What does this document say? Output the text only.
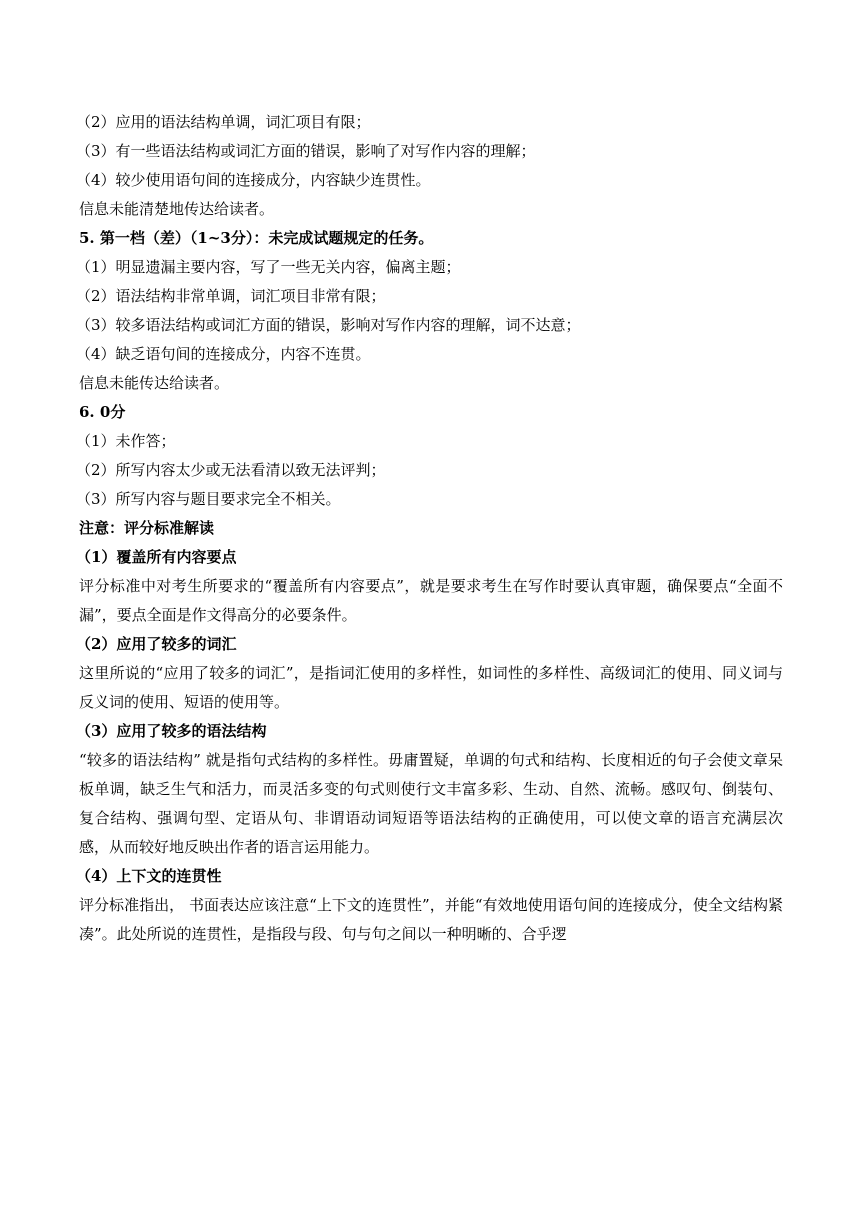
（2）应用的语法结构单调，词汇项目有限；

（3）有一些语法结构或词汇方面的错误，影响了对写作内容的理解；

（4）较少使用语句间的连接成分，内容缺少连贯性。

信息未能清楚地传达给读者。

5. 第一档（差）（1~3分）：未完成试题规定的任务。

（1）明显遗漏主要内容，写了一些无关内容，偏离主题；

（2）语法结构非常单调，词汇项目非常有限；

（3）较多语法结构或词汇方面的错误，影响对写作内容的理解，词不达意；

（4）缺乏语句间的连接成分，内容不连贯。

信息未能传达给读者。

6. 0分

（1）未作答；

（2）所写内容太少或无法看清以致无法评判；

（3）所写内容与题目要求完全不相关。

注意：评分标准解读

（1）覆盖所有内容要点

评分标准中对考生所要求的“覆盖所有内容要点”，就是要求考生在写作时要认真审题，确保要点“全面不漏”，要点全面是作文得高分的必要条件。

（2）应用了较多的词汇

这里所说的“应用了较多的词汇”，是指词汇使用的多样性，如词性的多样性、高级词汇的使用、同义词与反义词的使用、短语的使用等。

（3）应用了较多的语法结构

“较多的语法结构” 就是指句式结构的多样性。毋庸置疑，单调的句式和结构、长度相近的句子会使文章呆板单调，缺乏生气和活力，而灵活多变的句式则使行文丰富多彩、生动、自然、流畅。感叹句、倒装句、复合结构、强调句型、定语从句、非谓语动词短语等语法结构的正确使用，可以使文章的语言充满层次感，从而较好地反映出作者的语言运用能力。

（4）上下文的连贯性

评分标准指出， 书面表达应该注意“上下文的连贯性”，并能“有效地使用语句间的连接成分，使全文结构紧凑”。此处所说的连贯性，是指段与段、句与句之间以一种明晰的、合乎逻
